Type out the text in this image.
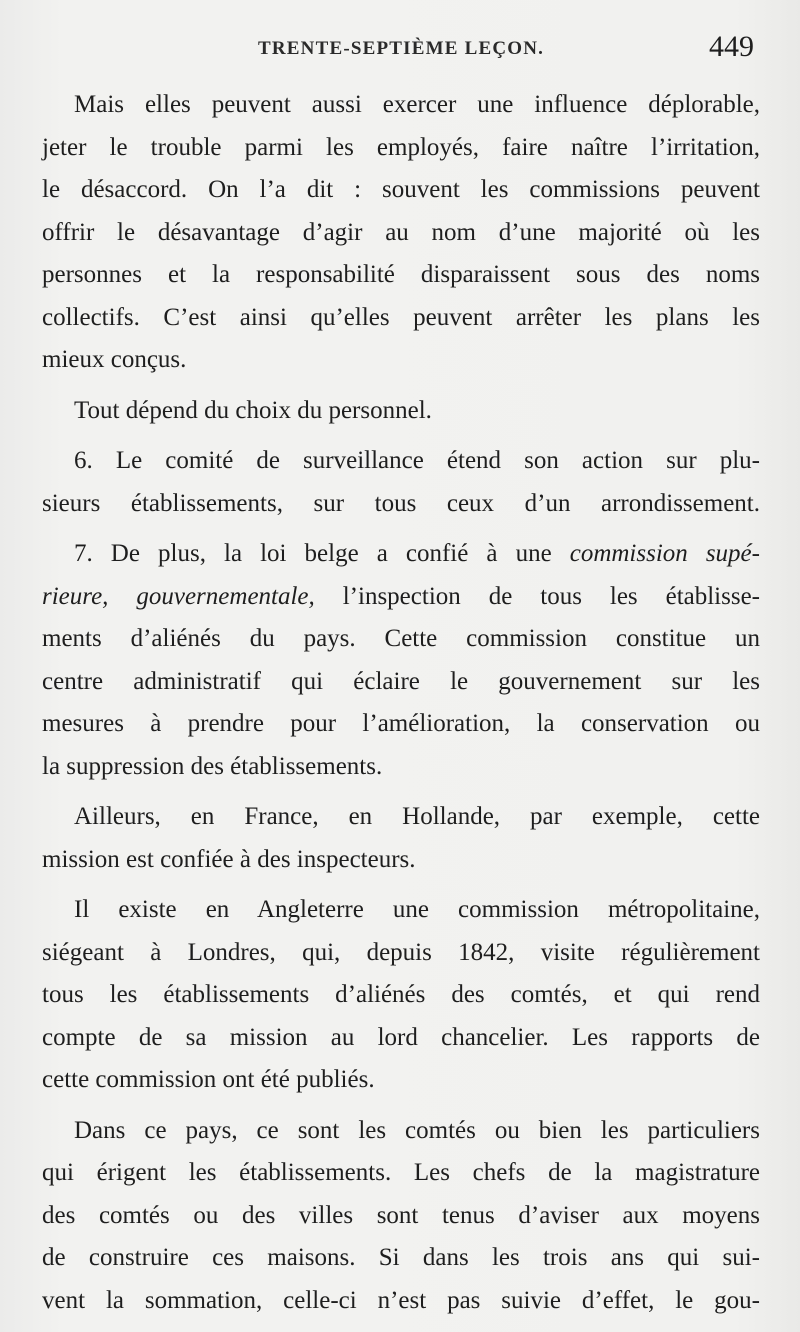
TRENTE-SEPTIÈME LEÇON.	449
Mais elles peuvent aussi exercer une influence déplorable,
jeter le trouble parmi les employés, faire naître l’irritation,
le désaccord. On l’a dit : souvent les commissions peuvent
offrir le désavantage d’agir au nom d’une majorité où les
personnes et la responsabilité disparaissent sous des noms
collectifs. C’est ainsi qu’elles peuvent arrêter les plans les
mieux conçus.
Tout dépend du choix du personnel.
6. Le comité de surveillance étend son action sur plu-
sieurs établissements, sur tous ceux d’un arrondissement.
7. De plus, la loi belge a confié à une commission supé-
rieure, gouvernementale, l’inspection de tous les établisse-
ments d’aliénés du pays. Cette commission constitue un
centre administratif qui éclaire le gouvernement sur les
mesures à prendre pour l’amélioration, la conservation ou
la suppression des établissements.
Ailleurs, en France, en Hollande, par exemple, cette
mission est confiée à des inspecteurs.
Il existe en Angleterre une commission métropolitaine,
siégeant à Londres, qui, depuis 1842, visite régulièrement
tous les établissements d’aliénés des comtés, et qui rend
compte de sa mission au lord chancelier. Les rapports de
cette commission ont été publiés.
Dans ce pays, ce sont les comtés ou bien les particuliers
qui érigent les établissements. Les chefs de la magistrature
des comtés ou des villes sont tenus d’aviser aux moyens
de construire ces maisons. Si dans les trois ans qui sui-
vent la sommation, celle-ci n’est pas suivie d’effet, le gou-
